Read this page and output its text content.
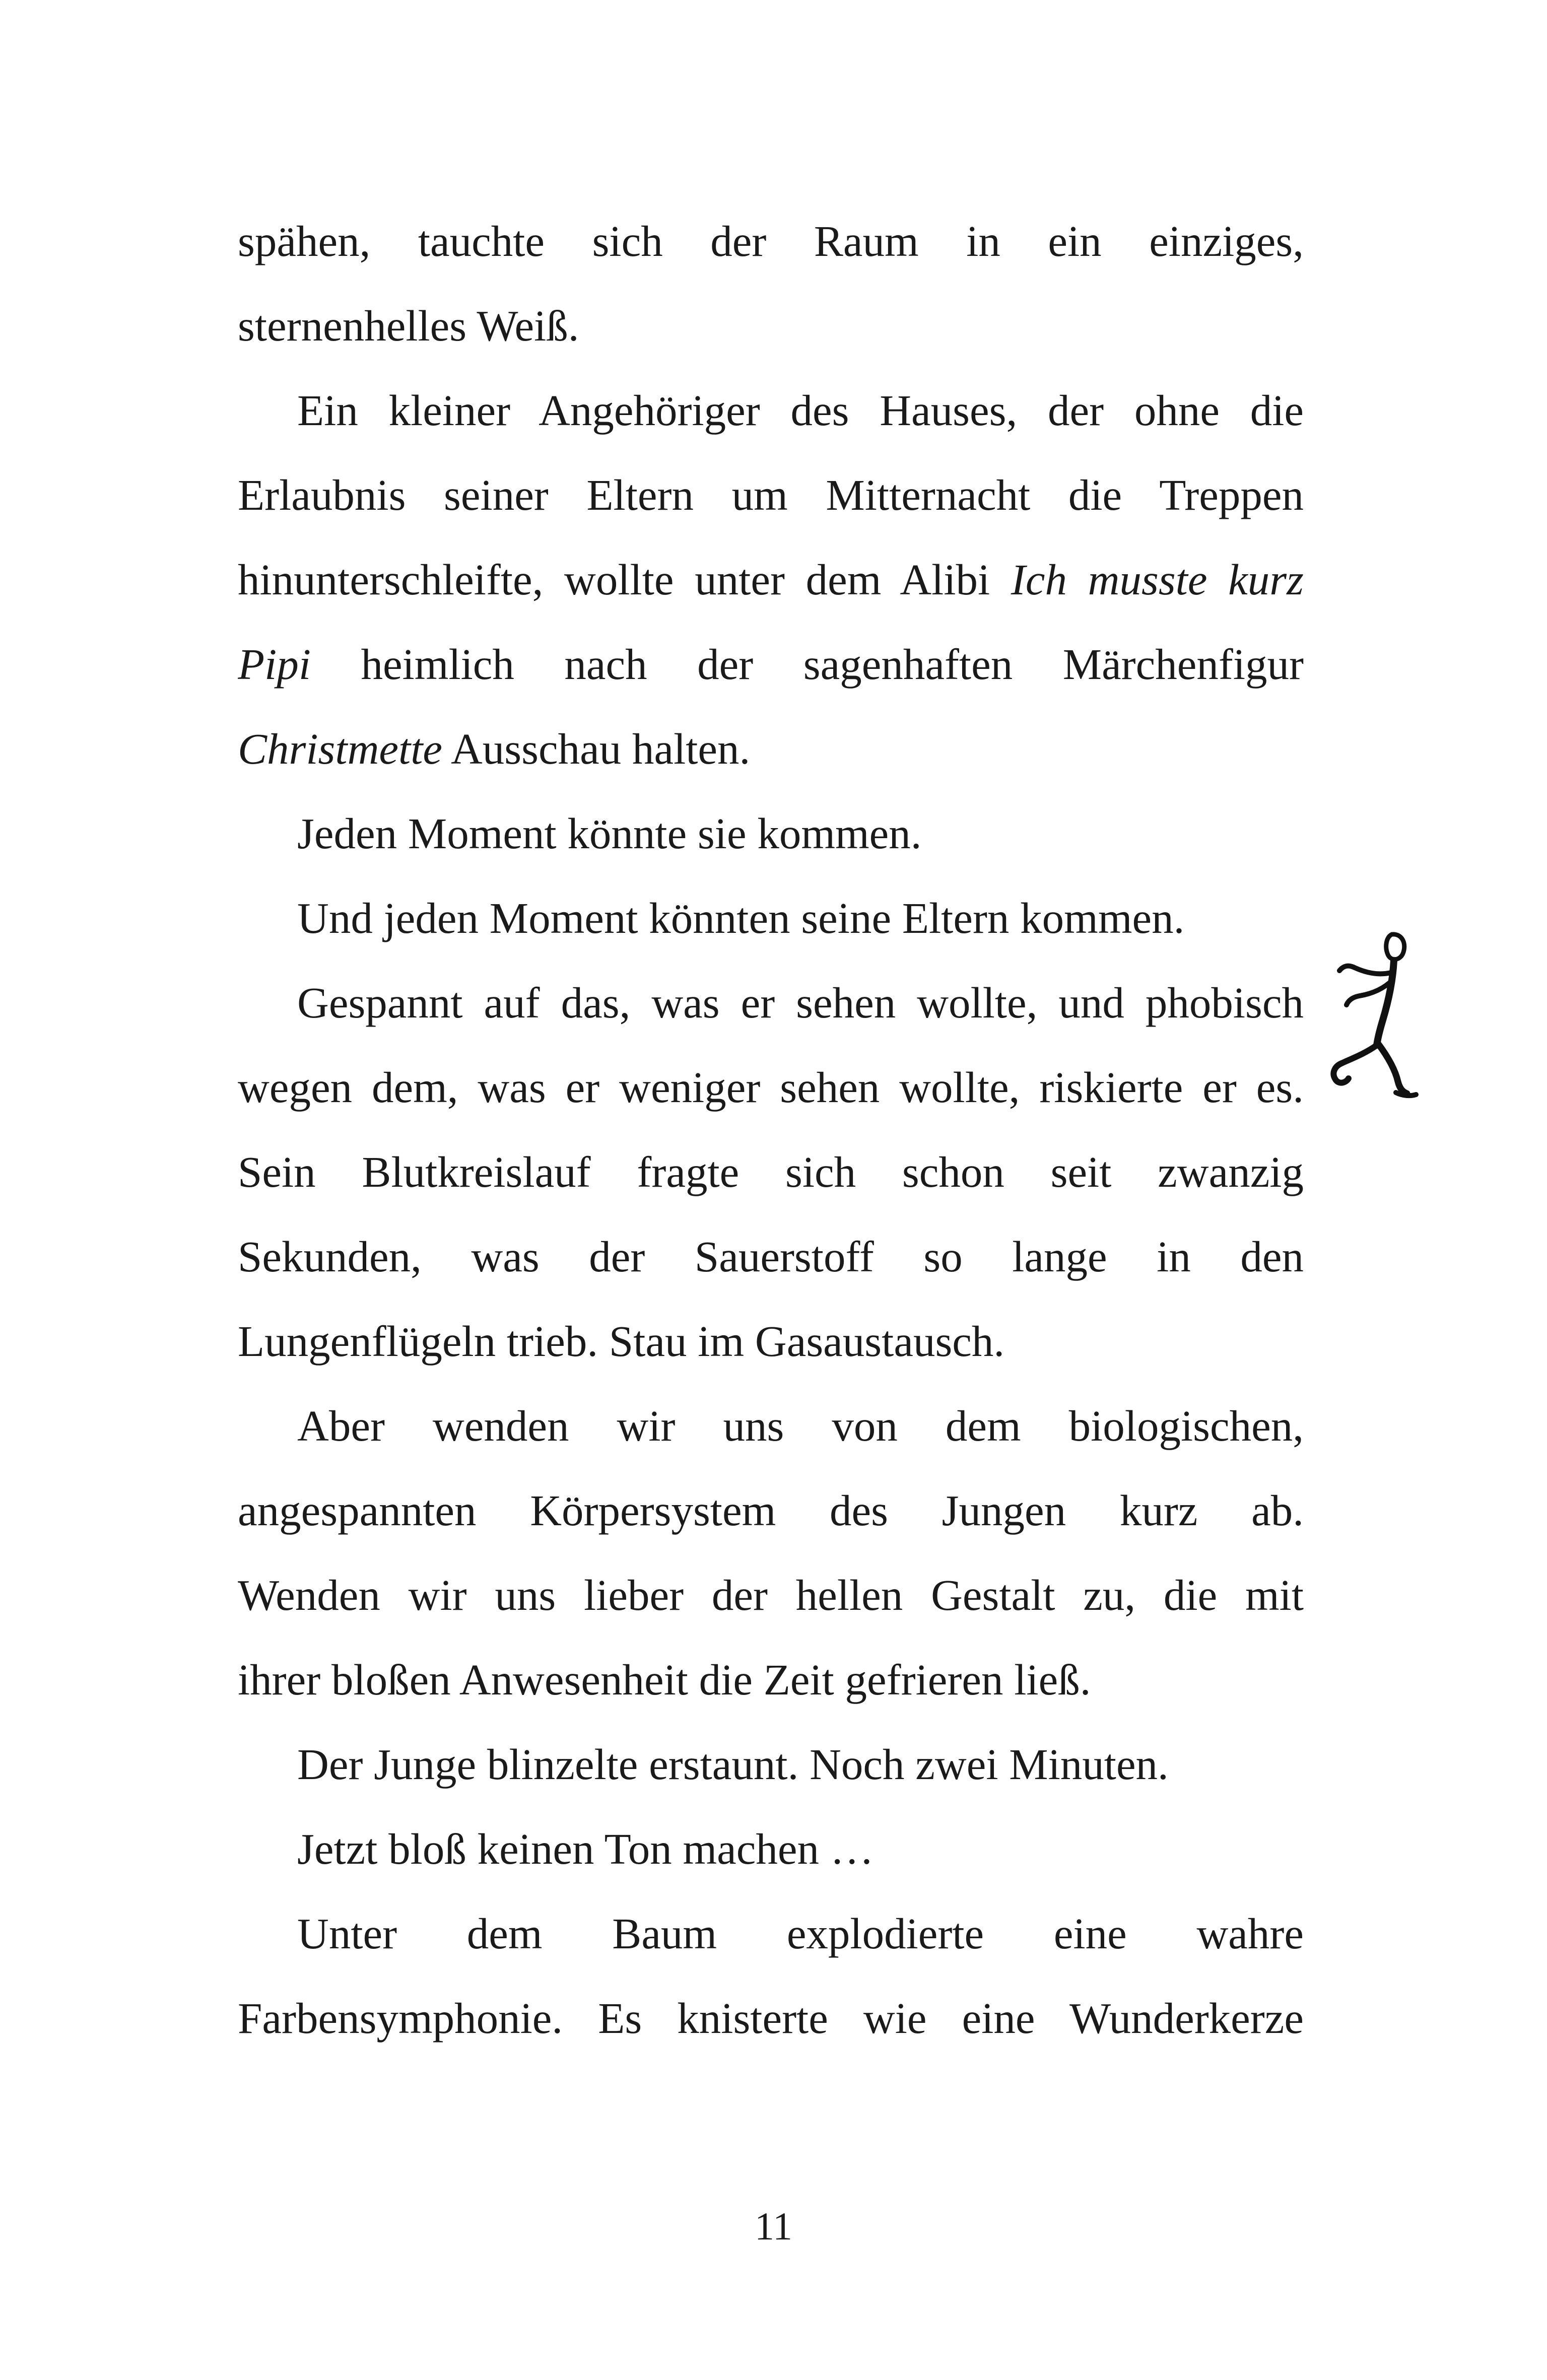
spähen, tauchte sich der Raum in ein einziges,
sternenhelles Weiß.
Ein kleiner Angehöriger des Hauses, der ohne die
Erlaubnis seiner Eltern um Mitternacht die Treppen
hinunterschleifte, wollte unter dem Alibi Ich musste kurz
Pipi heimlich nach der sagenhaften Märchenfigur
Christmette Ausschau halten.
Jeden Moment könnte sie kommen.
Und jeden Moment könnten seine Eltern kommen.
Gespannt auf das, was er sehen wollte, und phobisch
wegen dem, was er weniger sehen wollte, riskierte er es.
Sein Blutkreislauf fragte sich schon seit zwanzig
Sekunden, was der Sauerstoff so lange in den
Lungenflügeln trieb. Stau im Gasaustausch.
Aber wenden wir uns von dem biologischen,
angespannten Körpersystem des Jungen kurz ab.
Wenden wir uns lieber der hellen Gestalt zu, die mit
ihrer bloßen Anwesenheit die Zeit gefrieren ließ.
Der Junge blinzelte erstaunt. Noch zwei Minuten.
Jetzt bloß keinen Ton machen …
Unter dem Baum explodierte eine wahre
Farbensymphonie. Es knisterte wie eine Wunderkerze
11
